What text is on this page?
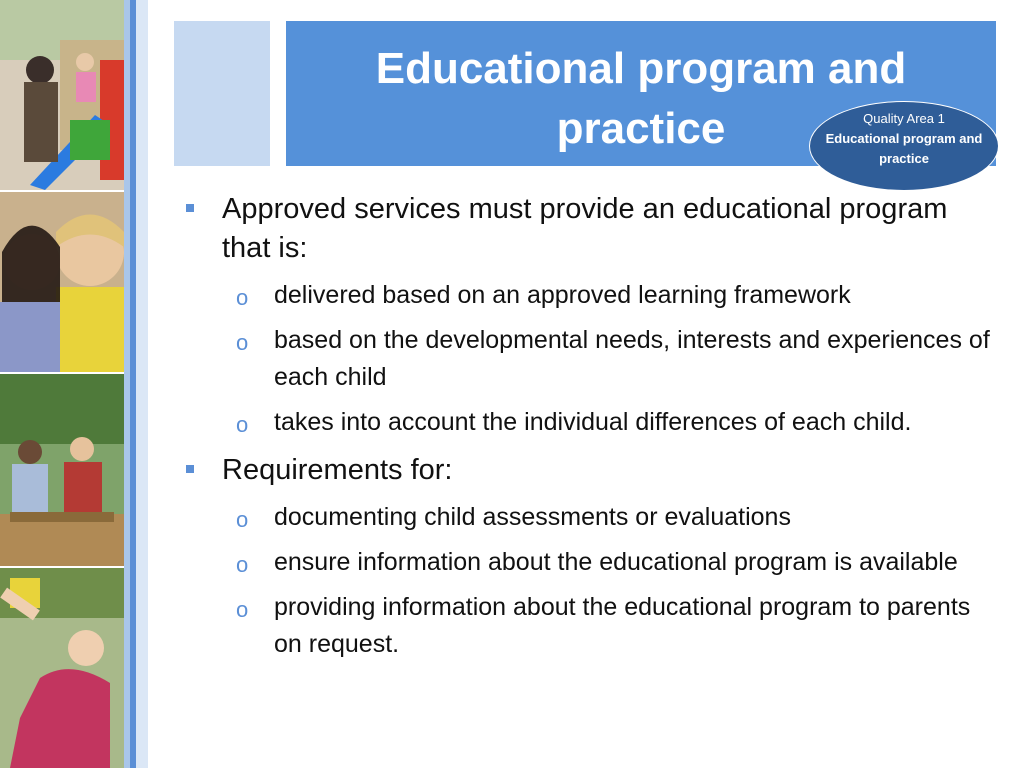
Educational program and practice	Quality Area 1
Educational program and practice
Approved services must provide an educational program that is:
o delivered based on an approved learning framework
o based on the developmental needs, interests and experiences of each child
o takes into account the individual differences of each child.
Requirements for:
o documenting child assessments or evaluations
o ensure information about the educational program is available
o providing information about the educational program to parents on request.
